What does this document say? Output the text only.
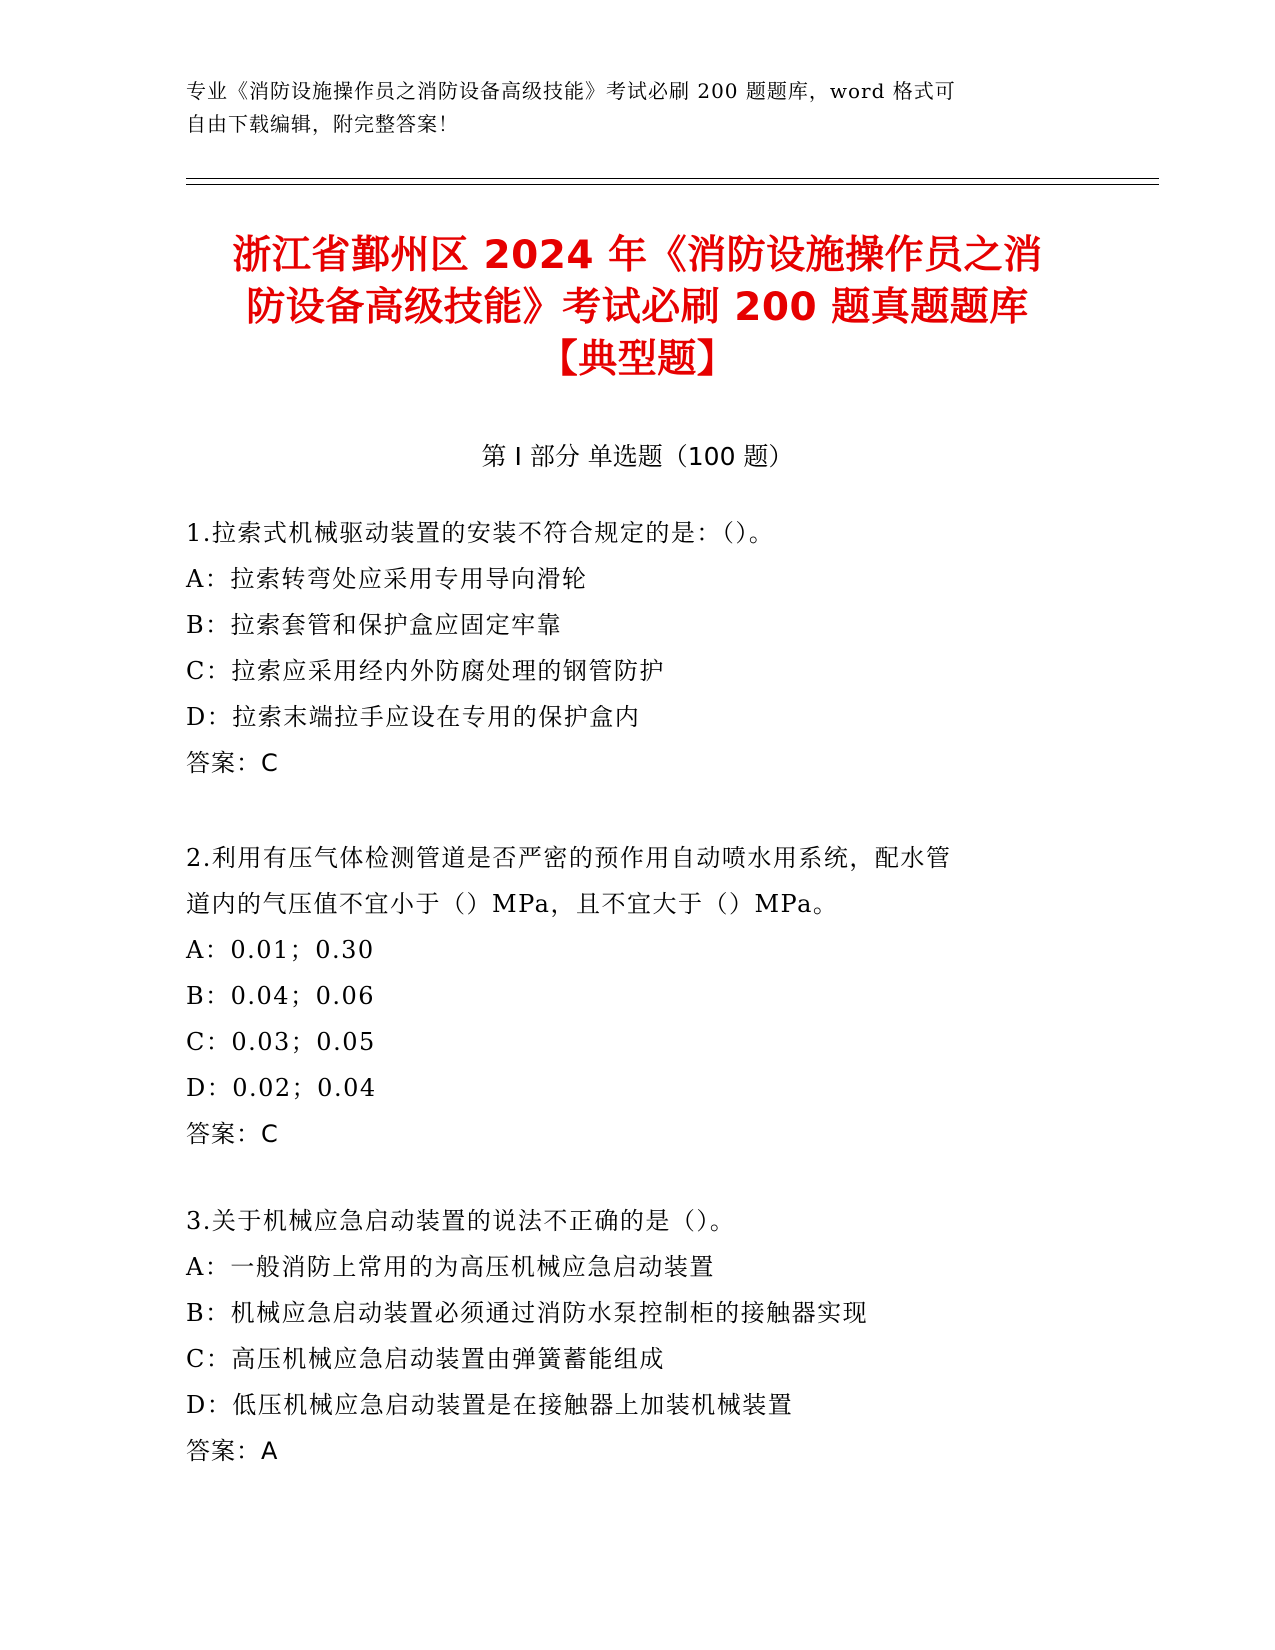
专业《消防设施操作员之消防设备高级技能》考试必刷 200 题题库，word 格式可
自由下载编辑，附完整答案！
浙江省鄞州区 2024 年《消防设施操作员之消
防设备高级技能》考试必刷 200 题真题题库
【典型题】
第 I 部分 单选题（100 题）
1.拉索式机械驱动装置的安装不符合规定的是：（）。
A：拉索转弯处应采用专用导向滑轮
B：拉索套管和保护盒应固定牢靠
C：拉索应采用经内外防腐处理的钢管防护
D：拉索末端拉手应设在专用的保护盒内
答案：C
2.利用有压气体检测管道是否严密的预作用自动喷水用系统，配水管
道内的气压值不宜小于（）MPa，且不宜大于（）MPa。
A：0.01；0.30
B：0.04；0.06
C：0.03；0.05
D：0.02；0.04
答案：C
3.关于机械应急启动装置的说法不正确的是（）。
A：一般消防上常用的为高压机械应急启动装置
B：机械应急启动装置必须通过消防水泵控制柜的接触器实现
C：高压机械应急启动装置由弹簧蓄能组成
D：低压机械应急启动装置是在接触器上加装机械装置
答案：A
